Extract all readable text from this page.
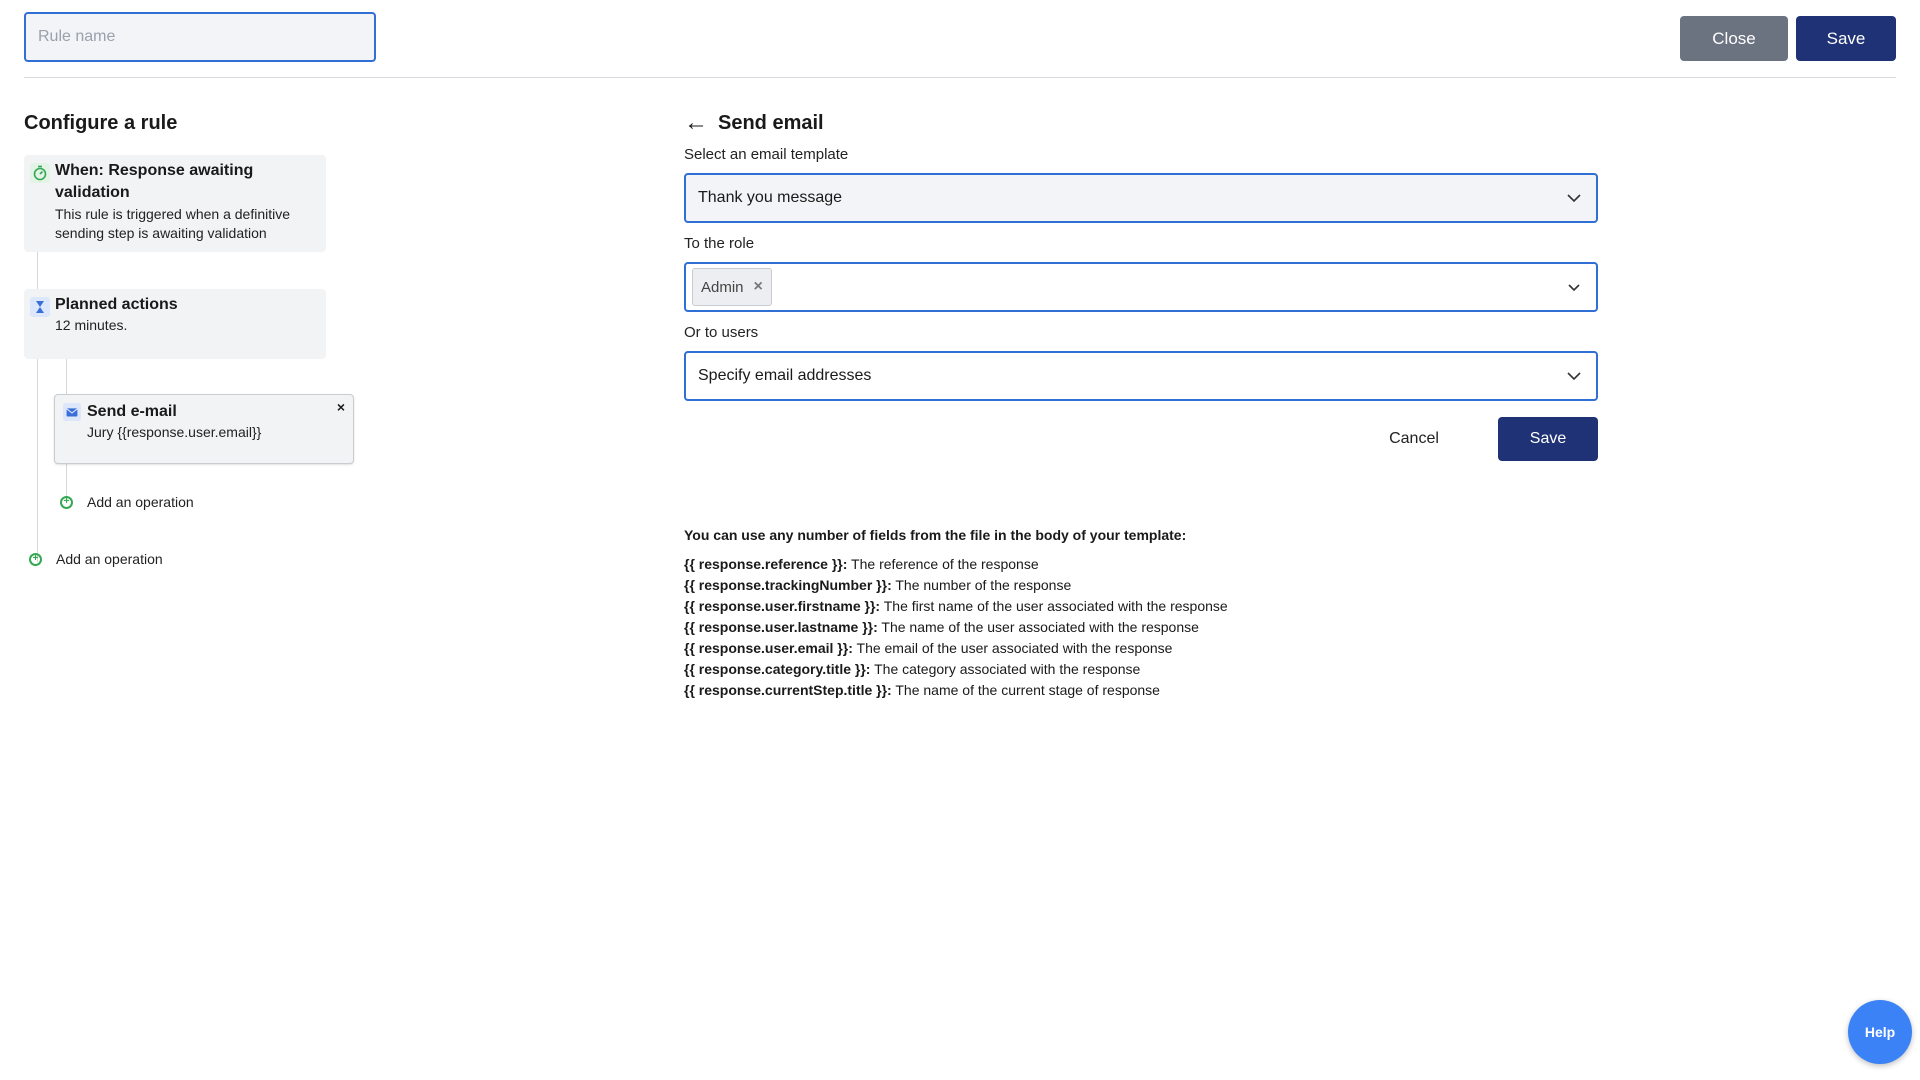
Rule name
Close	Save
Configure a rule
When: Response awaiting validation
This rule is triggered when a definitive sending step is awaiting validation
Planned actions
12 minutes.
×
Send e-mail
Jury {{response.user.email}}
+ Add an operation
+ Add an operation
← Send email
Select an email template
Thank you message
To the role
Admin ×
Or to users
Specify email addresses
Cancel	Save
You can use any number of fields from the file in the body of your template:
{{ response.reference }}: The reference of the response
{{ response.trackingNumber }}: The number of the response
{{ response.user.firstname }}: The first name of the user associated with the response
{{ response.user.lastname }}: The name of the user associated with the response
{{ response.user.email }}: The email of the user associated with the response
{{ response.category.title }}: The category associated with the response
{{ response.currentStep.title }}: The name of the current stage of response
Help
